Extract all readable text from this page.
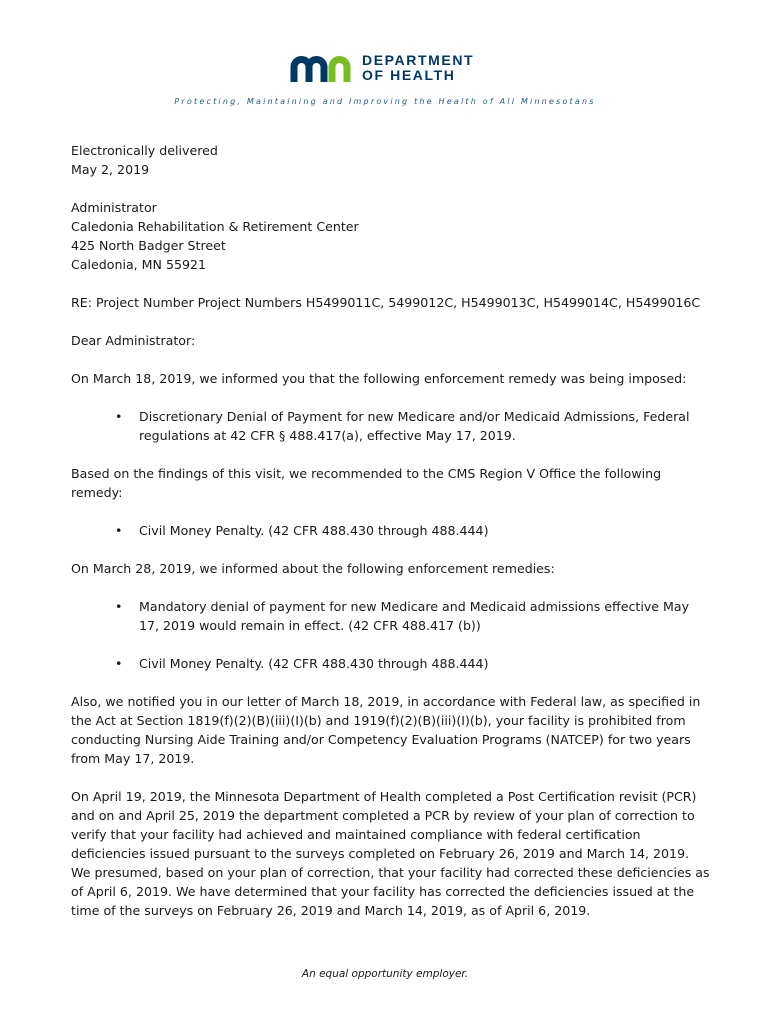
DEPARTMENT
OF HEALTH
Protecting, Maintaining and Improving the Health of All Minnesotans

Electronically delivered

May 2, 2019

Administrator

Caledonia Rehabilitation & Retirement Center

425 North Badger Street

Caledonia, MN 55921

RE: Project Number Project Numbers H5499011C, 5499012C, H5499013C, H5499014C, H5499016C

Dear Administrator:

On March 18, 2019, we informed you that the following enforcement remedy was being imposed:

• Discretionary Denial of Payment for new Medicare and/or Medicaid Admissions, Federal regulations at 42 CFR § 488.417(a), effective May 17, 2019.

Based on the findings of this visit, we recommended to the CMS Region V Office the following remedy:

• Civil Money Penalty. (42 CFR 488.430 through 488.444)

On March 28, 2019, we informed about the following enforcement remedies:

• Mandatory denial of payment for new Medicare and Medicaid admissions effective May 17, 2019 would remain in effect. (42 CFR 488.417 (b))

• Civil Money Penalty. (42 CFR 488.430 through 488.444)

Also, we notified you in our letter of March 18, 2019, in accordance with Federal law, as specified in the Act at Section 1819(f)(2)(B)(iii)(I)(b) and 1919(f)(2)(B)(iii)(I)(b), your facility is prohibited from conducting Nursing Aide Training and/or Competency Evaluation Programs (NATCEP) for two years from May 17, 2019.

On April 19, 2019, the Minnesota Department of Health completed a Post Certification revisit (PCR) and on and April 25, 2019 the department completed a PCR by review of your plan of correction to verify that your facility had achieved and maintained compliance with federal certification deficiencies issued pursuant to the surveys completed on February 26, 2019 and March 14, 2019. We presumed, based on your plan of correction, that your facility had corrected these deficiencies as of April 6, 2019. We have determined that your facility has corrected the deficiencies issued at the time of the surveys on February 26, 2019 and March 14, 2019, as of April 6, 2019.

An equal opportunity employer.
